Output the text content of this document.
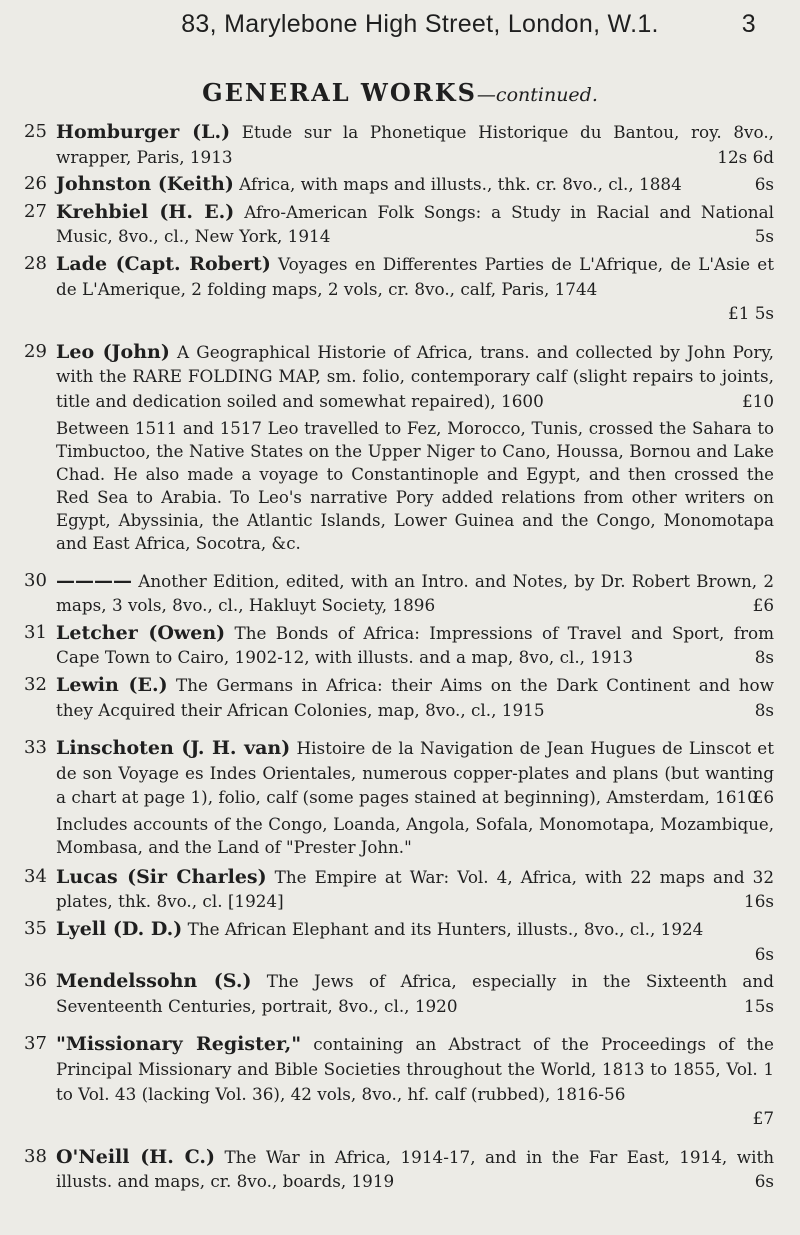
83, Marylebone High Street, London, W.1.	3
GENERAL WORKS—continued.
25 Homburger (L.) Etude sur la Phonetique Historique du Bantou, roy. 8vo., wrapper, Paris, 1913	12s 6d
26 Johnston (Keith) Africa, with maps and illusts., thk. cr. 8vo., cl., 1884	6s
27 Krehbiel (H. E.) Afro-American Folk Songs: a Study in Racial and National Music, 8vo., cl., New York, 1914	5s
28 Lade (Capt. Robert) Voyages en Differentes Parties de L'Afrique, de L'Asie et de L'Amerique, 2 folding maps, 2 vols, cr. 8vo., calf, Paris, 1744
£1 5s
29 Leo (John) A Geographical Historie of Africa, trans. and collected by John Pory, with the RARE FOLDING MAP, sm. folio, contemporary calf (slight repairs to joints, title and dedication soiled and somewhat repaired), 1600	£10
Between 1511 and 1517 Leo travelled to Fez, Morocco, Tunis, crossed the Sahara to Timbuctoo, the Native States on the Upper Niger to Cano, Houssa, Bornou and Lake Chad. He also made a voyage to Constantinople and Egypt, and then crossed the Red Sea to Arabia. To Leo's narrative Pory added relations from other writers on Egypt, Abyssinia, the Atlantic Islands, Lower Guinea and the Congo, Monomotapa and East Africa, Socotra, &c.
30 ———— Another Edition, edited, with an Intro. and Notes, by Dr. Robert Brown, 2 maps, 3 vols, 8vo., cl., Hakluyt Society, 1896	£6
31 Letcher (Owen) The Bonds of Africa: Impressions of Travel and Sport, from Cape Town to Cairo, 1902-12, with illusts. and a map, 8vo, cl., 1913	8s
32 Lewin (E.) The Germans in Africa: their Aims on the Dark Continent and how they Acquired their African Colonies, map, 8vo., cl., 1915	8s
33 Linschoten (J. H. van) Histoire de la Navigation de Jean Hugues de Linscot et de son Voyage es Indes Orientales, numerous copper-plates and plans (but wanting a chart at page 1), folio, calf (some pages stained at beginning), Amsterdam, 1610
£6
Includes accounts of the Congo, Loanda, Angola, Sofala, Monomotapa, Mozambique, Mombasa, and the Land of "Prester John."
34 Lucas (Sir Charles) The Empire at War: Vol. 4, Africa, with 22 maps and 32 plates, thk. 8vo., cl. [1924]	16s
35 Lyell (D. D.) The African Elephant and its Hunters, illusts., 8vo., cl., 1924
6s
36 Mendelssohn (S.) The Jews of Africa, especially in the Sixteenth and Seventeenth Centuries, portrait, 8vo., cl., 1920	15s
37 "Missionary Register," containing an Abstract of the Proceedings of the Principal Missionary and Bible Societies throughout the World, 1813 to 1855, Vol. 1 to Vol. 43 (lacking Vol. 36), 42 vols, 8vo., hf. calf (rubbed), 1816-56
£7
38 O'Neill (H. C.) The War in Africa, 1914-17, and in the Far East, 1914, with illusts. and maps, cr. 8vo., boards, 1919	6s
